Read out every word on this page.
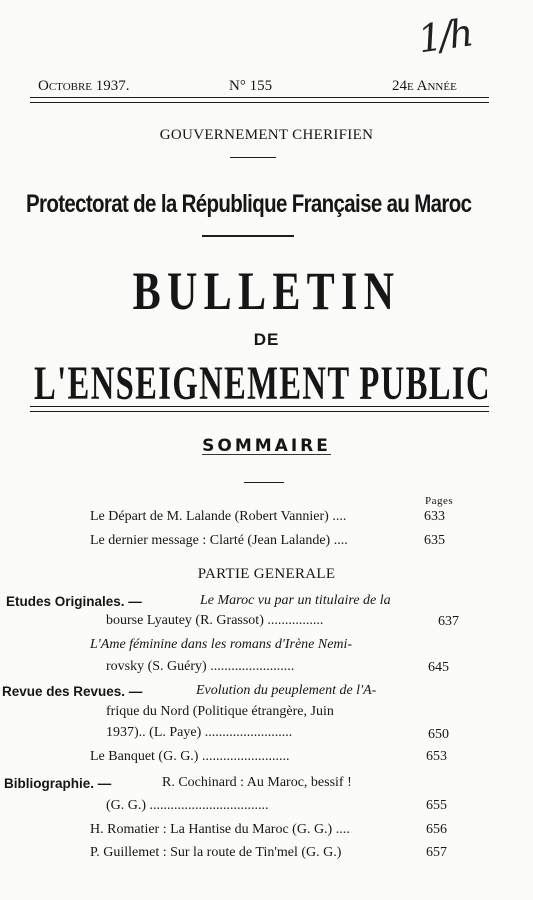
1/h
Octobre 1937.	N° 155	24e Année
GOUVERNEMENT CHERIFIEN
Protectorat de la République Française au Maroc
BULLETIN
DE
L'ENSEIGNEMENT PUBLIC
SOMMAIRE
Pages
Le Départ de M. Lalande (Robert Vannier) ....	633
Le dernier message : Clarté (Jean Lalande) ....	635
PARTIE GENERALE
Etudes Originales. —	Le Maroc vu par un titulaire de la
bourse Lyautey (R. Grassot) ................	637
L'Ame féminine dans les romans d'Irène Nemi-
rovsky (S. Guéry) ........................	645
Revue des Revues. —	Evolution du peuplement de l'A-
frique du Nord (Politique étrangère, Juin
1937).. (L. Paye) .........................	650
Le Banquet (G. G.) .........................	653
Bibliographie. —	R. Cochinard : Au Maroc, bessif !
(G. G.) ..................................	655
H. Romatier : La Hantise du Maroc (G. G.) ....	656
P. Guillemet : Sur la route de Tin'mel (G. G.)	657
